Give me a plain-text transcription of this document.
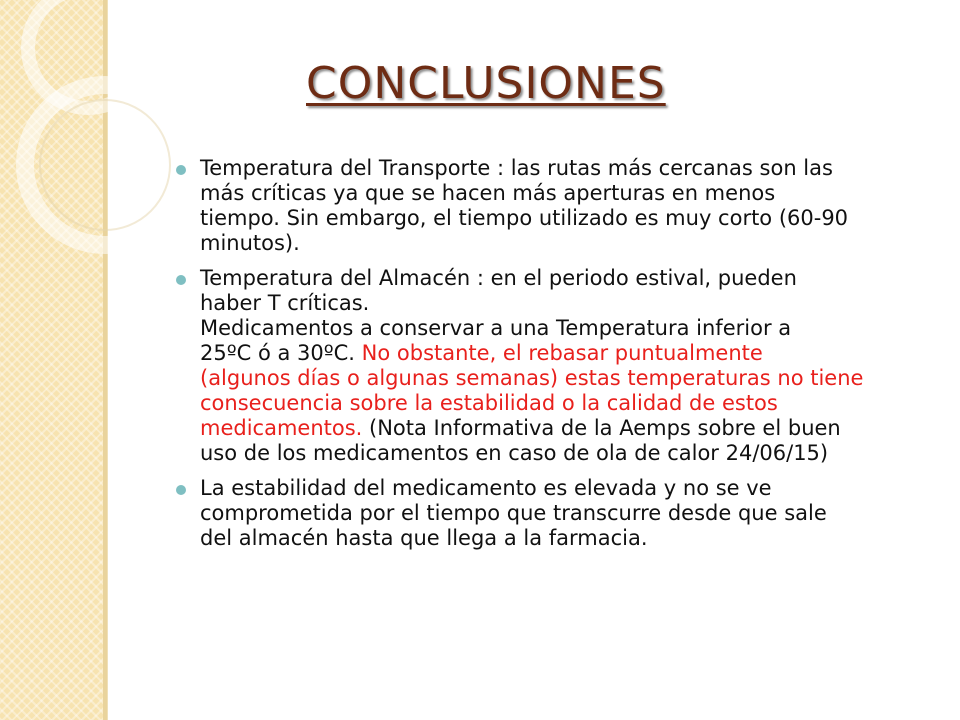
CONCLUSIONES
Temperatura del Transporte : las rutas más cercanas son las
más críticas ya que se hacen más aperturas en menos
tiempo. Sin embargo, el tiempo utilizado es muy corto (60-90
minutos).
Temperatura del Almacén : en el periodo estival, pueden
haber T críticas.
Medicamentos a conservar a una Temperatura inferior a
25ºC ó a 30ºC. No obstante, el rebasar puntualmente
(algunos días o algunas semanas) estas temperaturas no tiene
consecuencia sobre la estabilidad o la calidad de estos
medicamentos. (Nota Informativa de la Aemps sobre el buen
uso de los medicamentos en caso de ola de calor 24/06/15)
La estabilidad del medicamento es elevada y no se ve
comprometida por el tiempo que transcurre desde que sale
del almacén hasta que llega a la farmacia.
